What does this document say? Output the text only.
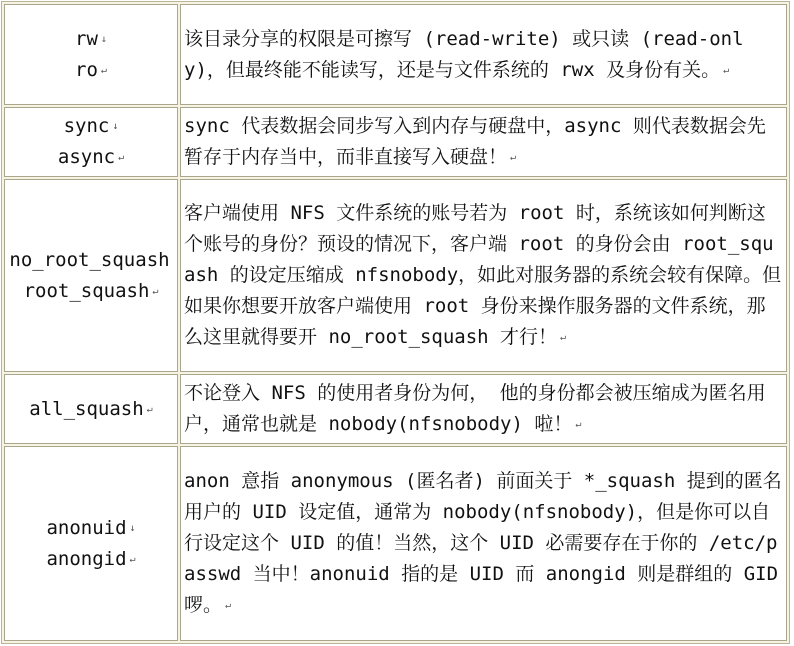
rw ↓
ro ↵	该目录分享的权限是可擦写 (read-write) 或只读 (read-only)，但最终能不能读写，还是与文件系统的 rwx 及身份有关。 ↵

sync ↓
async ↵	sync 代表数据会同步写入到内存与硬盘中，async 则代表数据会先暂存于内存当中，而非直接写入硬盘！ ↵

no_root_squash
root_squash ↵	客户端使用 NFS 文件系统的账号若为 root 时，系统该如何判断这个账号的身份？预设的情况下，客户端 root 的身份会由 root_squash 的设定压缩成 nfsnobody，如此对服务器的系统会较有保障。但如果你想要开放客户端使用 root 身份来操作服务器的文件系统，那么这里就得要开 no_root_squash 才行！ ↵

all_squash ↵	不论登入 NFS 的使用者身份为何， 他的身份都会被压缩成为匿名用户，通常也就是 nobody(nfsnobody) 啦！ ↵

anonuid ↓
anongid ↵	anon 意指 anonymous (匿名者) 前面关于 *_squash 提到的匿名用户的 UID 设定值，通常为 nobody(nfsnobody)，但是你可以自行设定这个 UID 的值！当然，这个 UID 必需要存在于你的 /etc/passwd 当中！anonuid 指的是 UID 而 anongid 则是群组的 GID 啰。 ↵
